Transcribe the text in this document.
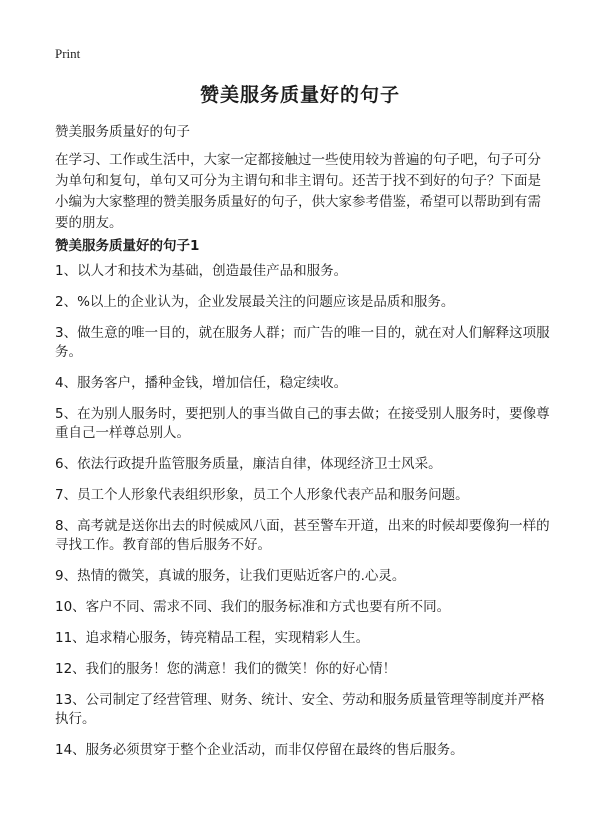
Print
赞美服务质量好的句子

赞美服务质量好的句子

在学习、工作或生活中，大家一定都接触过一些使用较为普遍的句子吧，句子可分为单句和复句，单句又可分为主谓句和非主谓句。还苦于找不到好的句子？下面是小编为大家整理的赞美服务质量好的句子，供大家参考借鉴，希望可以帮助到有需要的朋友。

赞美服务质量好的句子1

1、以人才和技术为基础，创造最佳产品和服务。
2、%以上的企业认为，企业发展最关注的问题应该是品质和服务。
3、做生意的唯一目的，就在服务人群；而广告的唯一目的，就在对人们解释这项服务。
4、服务客户，播种金钱，增加信任，稳定续收。
5、在为别人服务时，要把别人的事当做自己的事去做；在接受别人服务时，要像尊重自己一样尊总别人。
6、依法行政提升监管服务质量，廉洁自律，体现经济卫士风采。
7、员工个人形象代表组织形象，员工个人形象代表产品和服务问题。
8、高考就是送你出去的时候威风八面，甚至警车开道，出来的时候却要像狗一样的寻找工作。教育部的售后服务不好。
9、热情的微笑，真诚的服务，让我们更贴近客户的.心灵。
10、客户不同、需求不同、我们的服务标准和方式也要有所不同。
11、追求精心服务，铸亮精品工程，实现精彩人生。
12、我们的服务！您的满意！我们的微笑！你的好心情！
13、公司制定了经营管理、财务、统计、安全、劳动和服务质量管理等制度并严格执行。
14、服务必须贯穿于整个企业活动，而非仅停留在最终的售后服务。
